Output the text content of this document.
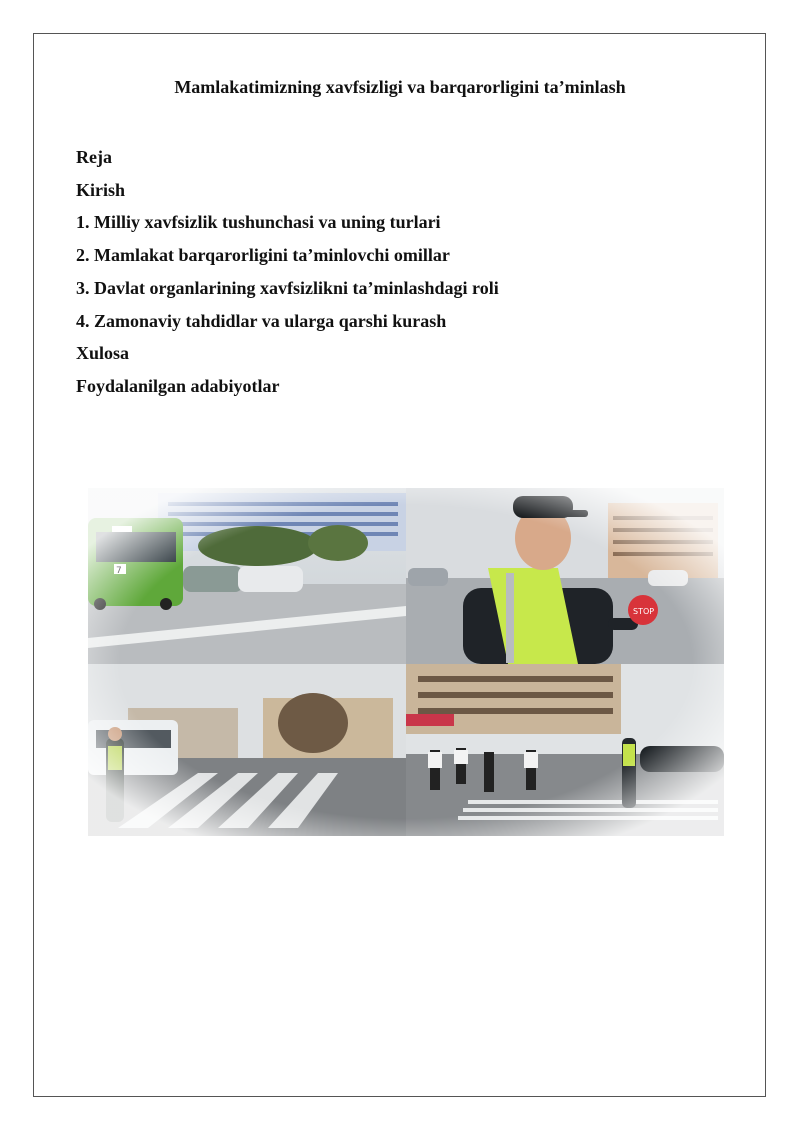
Mamlakatimizning xavfsizligi va barqarorligini ta’minlash
Reja
Kirish
1. Milliy xavfsizlik tushunchasi va uning turlari
2. Mamlakat barqarorligini ta’minlovchi omillar
3. Davlat organlarining xavfsizlikni ta’minlashdagi roli
4. Zamonaviy tahdidlar va ularga qarshi kurash
Xulosa
Foydalanilgan adabiyotlar
